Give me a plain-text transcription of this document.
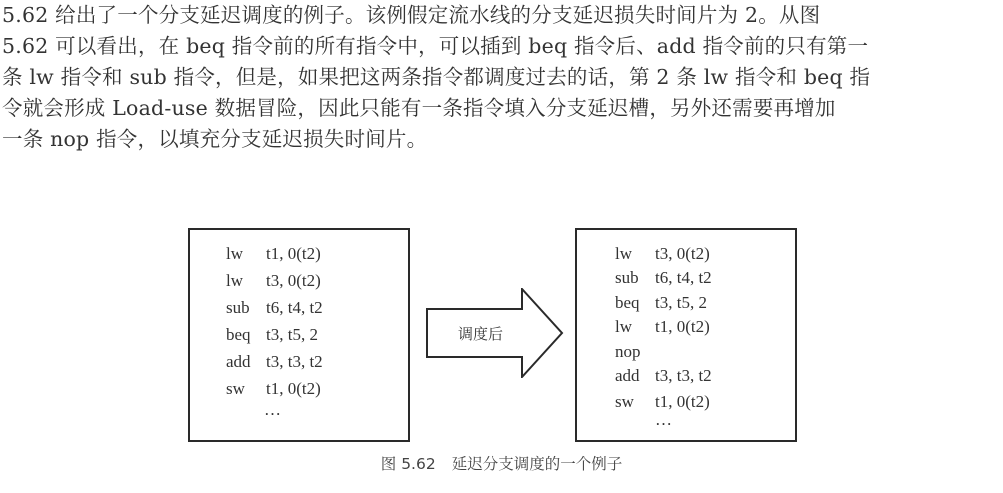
5.62 给出了一个分支延迟调度的例子。该例假定流水线的分支延迟损失时间片为 2。从图
5.62 可以看出，在 beq 指令前的所有指令中，可以插到 beq 指令后、add 指令前的只有第一
条 lw 指令和 sub 指令，但是，如果把这两条指令都调度过去的话，第 2 条 lw 指令和 beq 指
令就会形成 Load-use 数据冒险，因此只能有一条指令填入分支延迟槽，另外还需要再增加
一条 nop 指令，以填充分支延迟损失时间片。
lw t1, 0(t2)
lw t3, 0(t2)
sub t6, t4, t2
beq t3, t5, 2
add t3, t3, t2
sw t1, 0(t2)
…
调度后
lw t3, 0(t2)
sub t6, t4, t2
beq t3, t5, 2
lw t1, 0(t2)
nop
add t3, t3, t2
sw t1, 0(t2)
…
图 5.62 延迟分支调度的一个例子
